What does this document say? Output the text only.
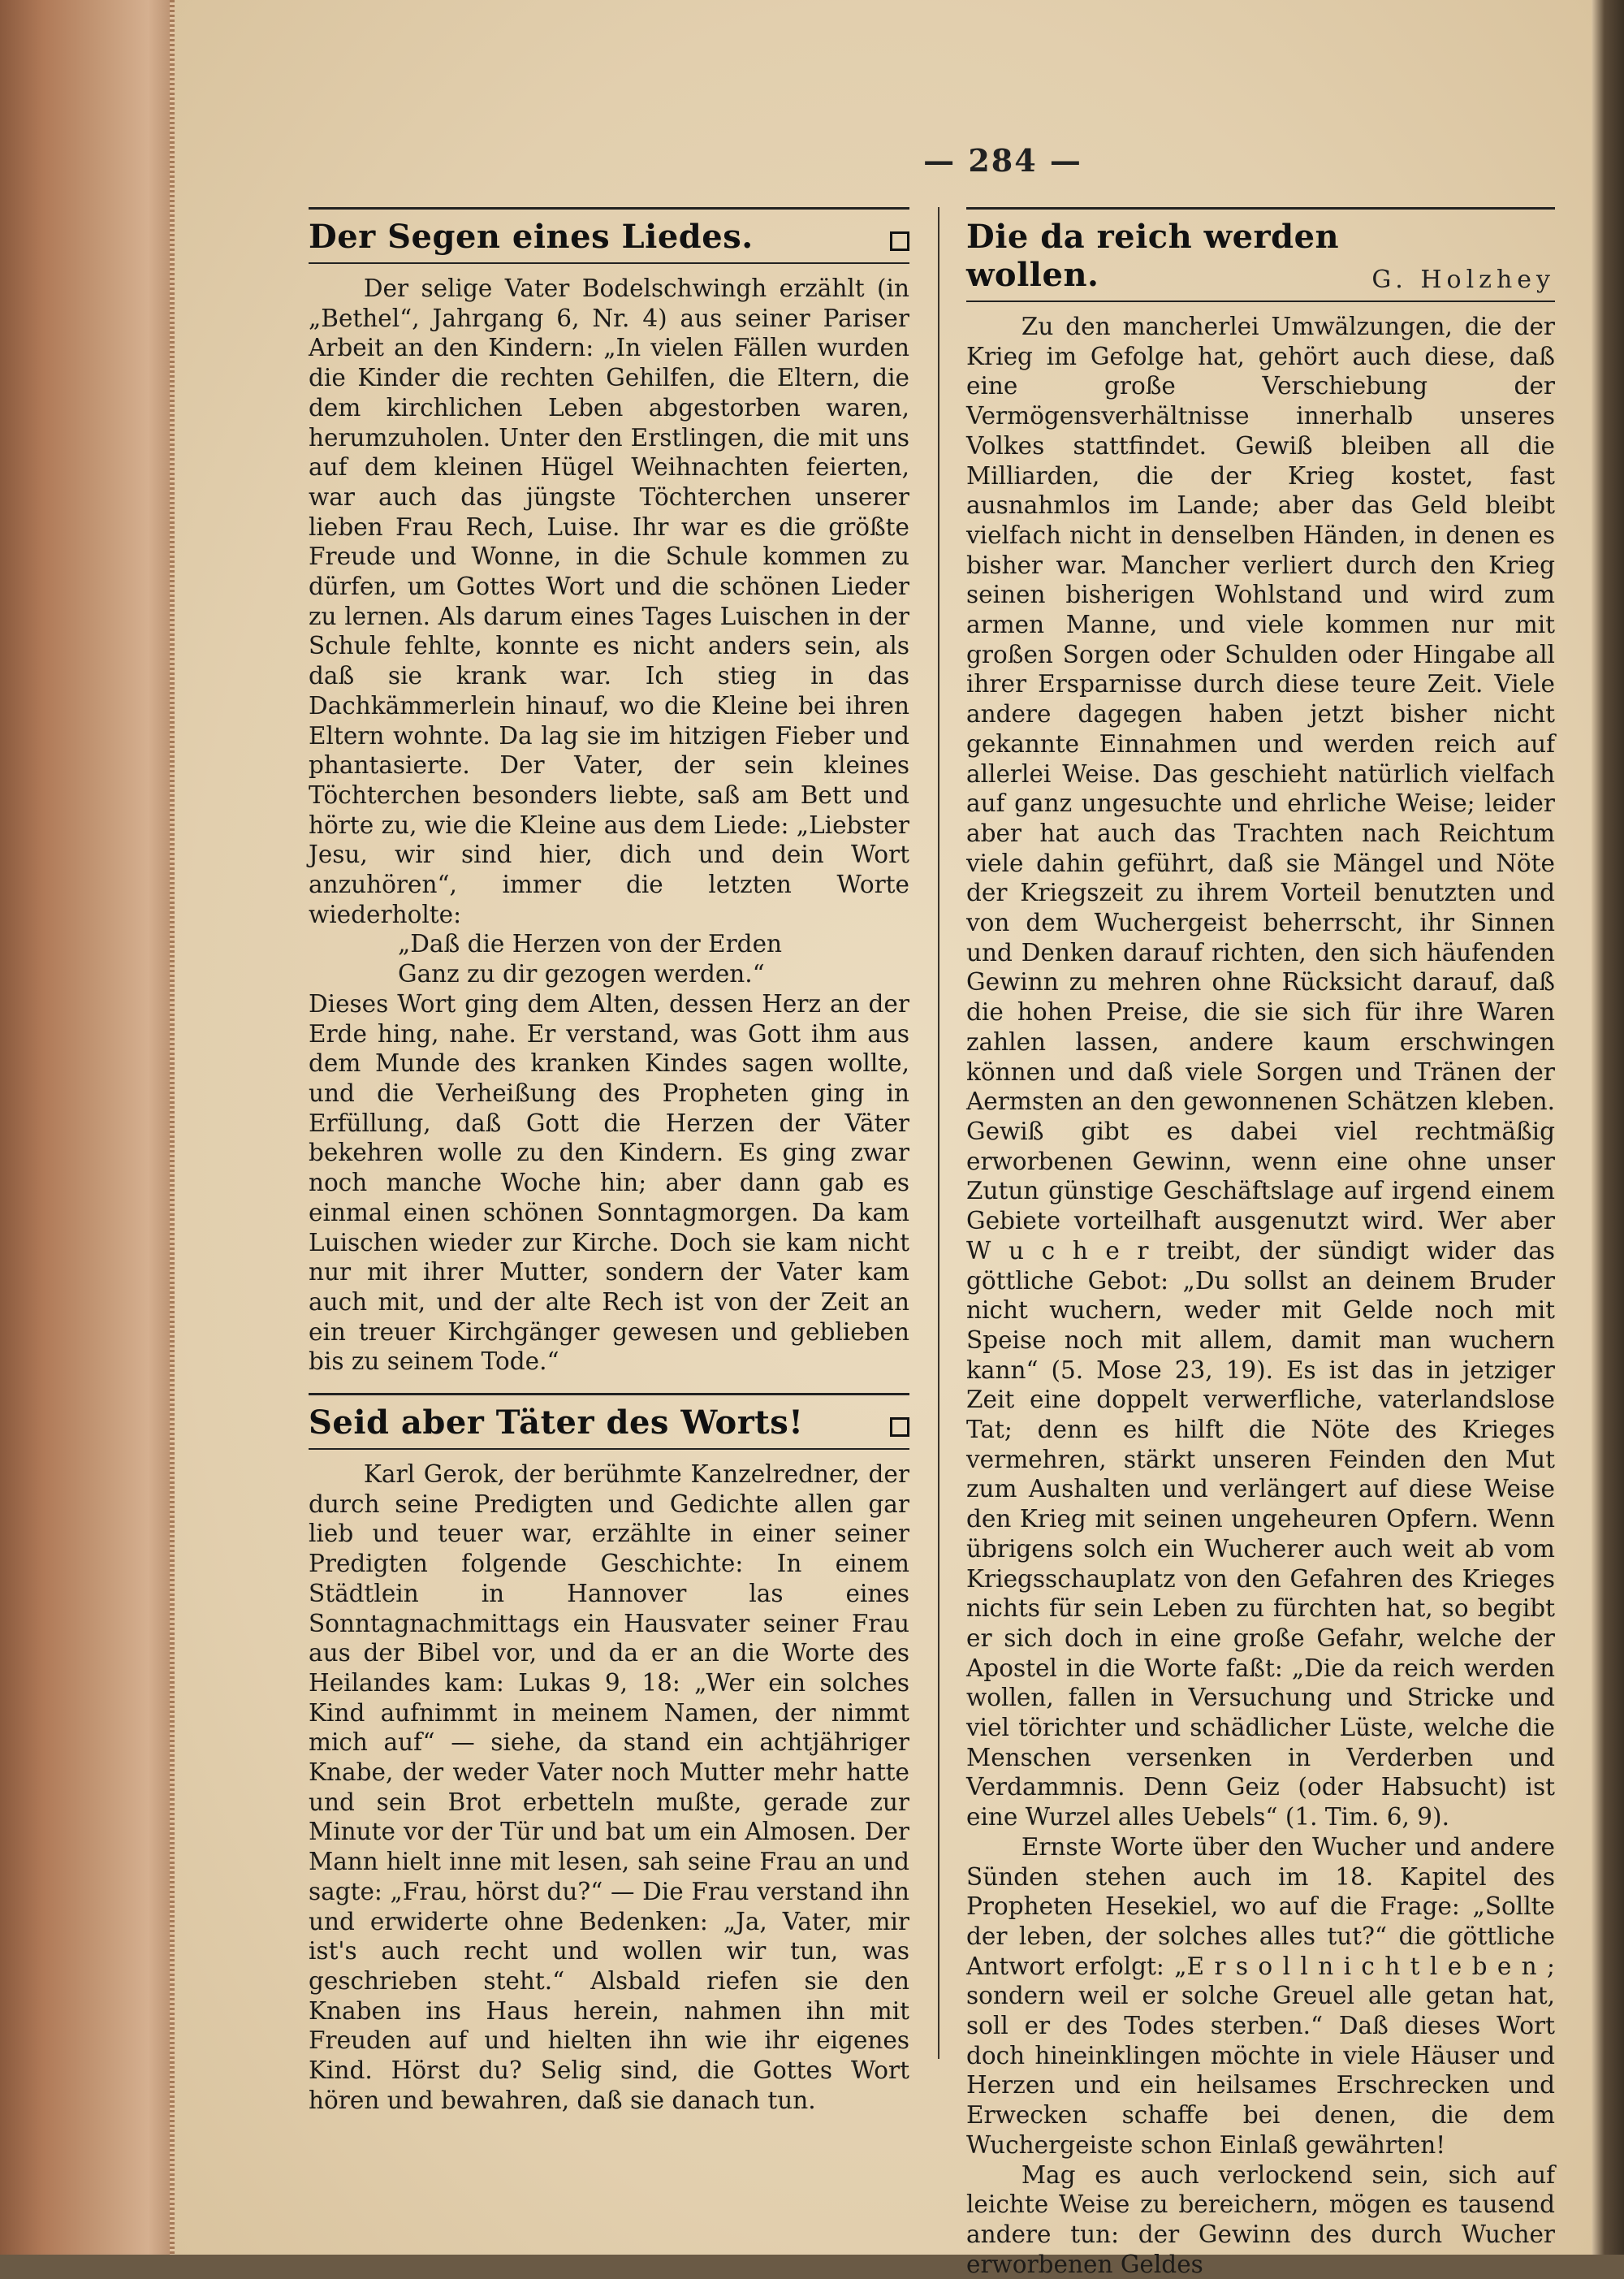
— 284 —
Der Segen eines Liedes.

Der selige Vater Bodelschwingh erzählt (in „Bethel“, Jahrgang 6, Nr. 4) aus seiner Pariser Arbeit an den Kindern: „In vielen Fällen wurden die Kinder die rechten Gehilfen, die Eltern, die dem kirchlichen Leben abgestorben waren, herumzuholen. Unter den Erstlingen, die mit uns auf dem kleinen Hügel Weihnachten feierten, war auch das jüngste Töchterchen unserer lieben Frau Rech, Luise. Ihr war es die größte Freude und Wonne, in die Schule kommen zu dürfen, um Gottes Wort und die schönen Lieder zu lernen. Als darum eines Tages Luischen in der Schule fehlte, konnte es nicht anders sein, als daß sie krank war. Ich stieg in das Dachkämmerlein hinauf, wo die Kleine bei ihren Eltern wohnte. Da lag sie im hitzigen Fieber und phantasierte. Der Vater, der sein kleines Töchterchen besonders liebte, saß am Bett und hörte zu, wie die Kleine aus dem Liede: „Liebster Jesu, wir sind hier, dich und dein Wort anzuhören“, immer die letzten Worte wiederholte:

„Daß die Herzen von der Erden

Ganz zu dir gezogen werden.“

Dieses Wort ging dem Alten, dessen Herz an der Erde hing, nahe. Er verstand, was Gott ihm aus dem Munde des kranken Kindes sagen wollte, und die Verheißung des Propheten ging in Erfüllung, daß Gott die Herzen der Väter bekehren wolle zu den Kindern. Es ging zwar noch manche Woche hin; aber dann gab es einmal einen schönen Sonntagmorgen. Da kam Luischen wieder zur Kirche. Doch sie kam nicht nur mit ihrer Mutter, sondern der Vater kam auch mit, und der alte Rech ist von der Zeit an ein treuer Kirchgänger gewesen und geblieben bis zu seinem Tode.“

Seid aber Täter des Worts!

Karl Gerok, der berühmte Kanzelredner, der durch seine Predigten und Gedichte allen gar lieb und teuer war, erzählte in einer seiner Predigten folgende Geschichte: In einem Städtlein in Hannover las eines Sonntagnachmittags ein Hausvater seiner Frau aus der Bibel vor, und da er an die Worte des Heilandes kam: Lukas 9, 18: „Wer ein solches Kind aufnimmt in meinem Namen, der nimmt mich auf“ — siehe, da stand ein achtjähriger Knabe, der weder Vater noch Mutter mehr hatte und sein Brot erbetteln mußte, gerade zur Minute vor der Tür und bat um ein Almosen. Der Mann hielt inne mit lesen, sah seine Frau an und sagte: „Frau, hörst du?“ — Die Frau verstand ihn und erwiderte ohne Bedenken: „Ja, Vater, mir ist's auch recht und wollen wir tun, was geschrieben steht.“ Alsbald riefen sie den Knaben ins Haus herein, nahmen ihn mit Freuden auf und hielten ihn wie ihr eigenes Kind. Hörst du? Selig sind, die Gottes Wort hören und bewahren, daß sie danach tun.

Die da reich werden wollen.	G. Holzhey

Zu den mancherlei Umwälzungen, die der Krieg im Gefolge hat, gehört auch diese, daß eine große Verschiebung der Vermögensverhältnisse innerhalb unseres Volkes stattfindet. Gewiß bleiben all die Milliarden, die der Krieg kostet, fast ausnahmlos im Lande; aber das Geld bleibt vielfach nicht in denselben Händen, in denen es bisher war. Mancher verliert durch den Krieg seinen bisherigen Wohlstand und wird zum armen Manne, und viele kommen nur mit großen Sorgen oder Schulden oder Hingabe all ihrer Ersparnisse durch diese teure Zeit. Viele andere dagegen haben jetzt bisher nicht gekannte Einnahmen und werden reich auf allerlei Weise. Das geschieht natürlich vielfach auf ganz ungesuchte und ehrliche Weise; leider aber hat auch das Trachten nach Reichtum viele dahin geführt, daß sie Mängel und Nöte der Kriegszeit zu ihrem Vorteil benutzten und von dem Wuchergeist beherrscht, ihr Sinnen und Denken darauf richten, den sich häufenden Gewinn zu mehren ohne Rücksicht darauf, daß die hohen Preise, die sie sich für ihre Waren zahlen lassen, andere kaum erschwingen können und daß viele Sorgen und Tränen der Aermsten an den gewonnenen Schätzen kleben. Gewiß gibt es dabei viel rechtmäßig erworbenen Gewinn, wenn eine ohne unser Zutun günstige Geschäftslage auf irgend einem Gebiete vorteilhaft ausgenutzt wird. Wer aber W u c h e r treibt, der sündigt wider das göttliche Gebot: „Du sollst an deinem Bruder nicht wuchern, weder mit Gelde noch mit Speise noch mit allem, damit man wuchern kann“ (5. Mose 23, 19). Es ist das in jetziger Zeit eine doppelt verwerfliche, vaterlandslose Tat; denn es hilft die Nöte des Krieges vermehren, stärkt unseren Feinden den Mut zum Aushalten und verlängert auf diese Weise den Krieg mit seinen ungeheuren Opfern. Wenn übrigens solch ein Wucherer auch weit ab vom Kriegsschauplatz von den Gefahren des Krieges nichts für sein Leben zu fürchten hat, so begibt er sich doch in eine große Gefahr, welche der Apostel in die Worte faßt: „Die da reich werden wollen, fallen in Versuchung und Stricke und viel törichter und schädlicher Lüste, welche die Menschen versenken in Verderben und Verdammnis. Denn Geiz (oder Habsucht) ist eine Wurzel alles Uebels“ (1. Tim. 6, 9).

Ernste Worte über den Wucher und andere Sünden stehen auch im 18. Kapitel des Propheten Hesekiel, wo auf die Frage: „Sollte der leben, der solches alles tut?“ die göttliche Antwort erfolgt: „E r s o l l n i c h t l e b e n ; sondern weil er solche Greuel alle getan hat, soll er des Todes sterben.“ Daß dieses Wort doch hineinklingen möchte in viele Häuser und Herzen und ein heilsames Erschrecken und Erwecken schaffe bei denen, die dem Wuchergeiste schon Einlaß gewährten!

Mag es auch verlockend sein, sich auf leichte Weise zu bereichern, mögen es tausend andere tun: der Gewinn des durch Wucher erworbenen Geldes
